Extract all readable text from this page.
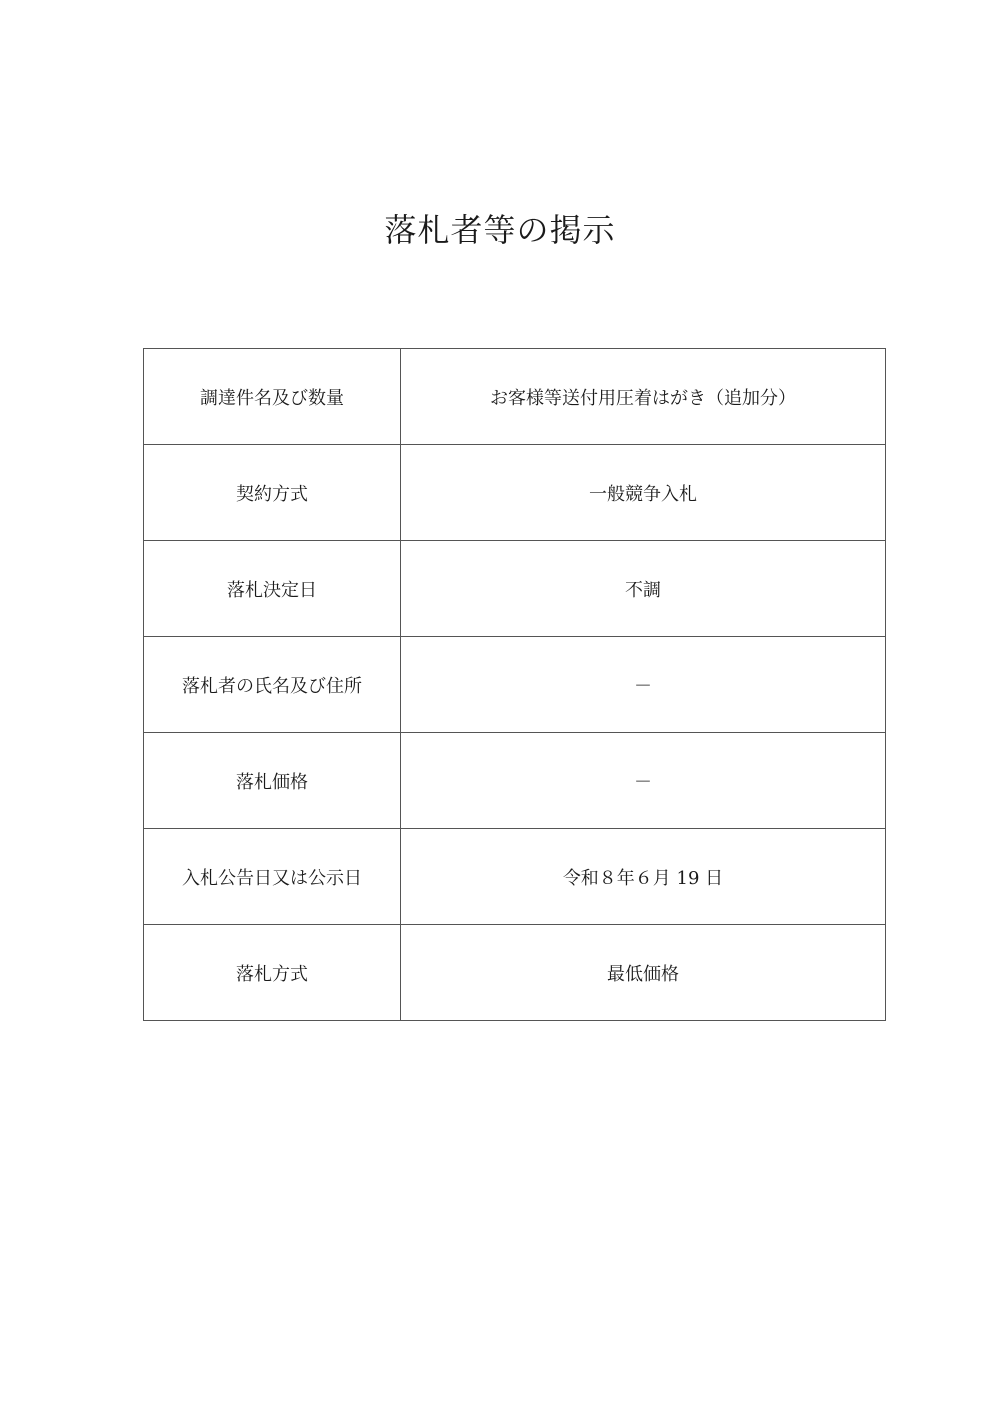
落札者等の掲示
調達件名及び数量	お客様等送付用圧着はがき（追加分）
契約方式	一般競争入札
落札決定日	不調
落札者の氏名及び住所	－
落札価格	－
入札公告日又は公示日	令和８年６月 19 日
落札方式	最低価格
